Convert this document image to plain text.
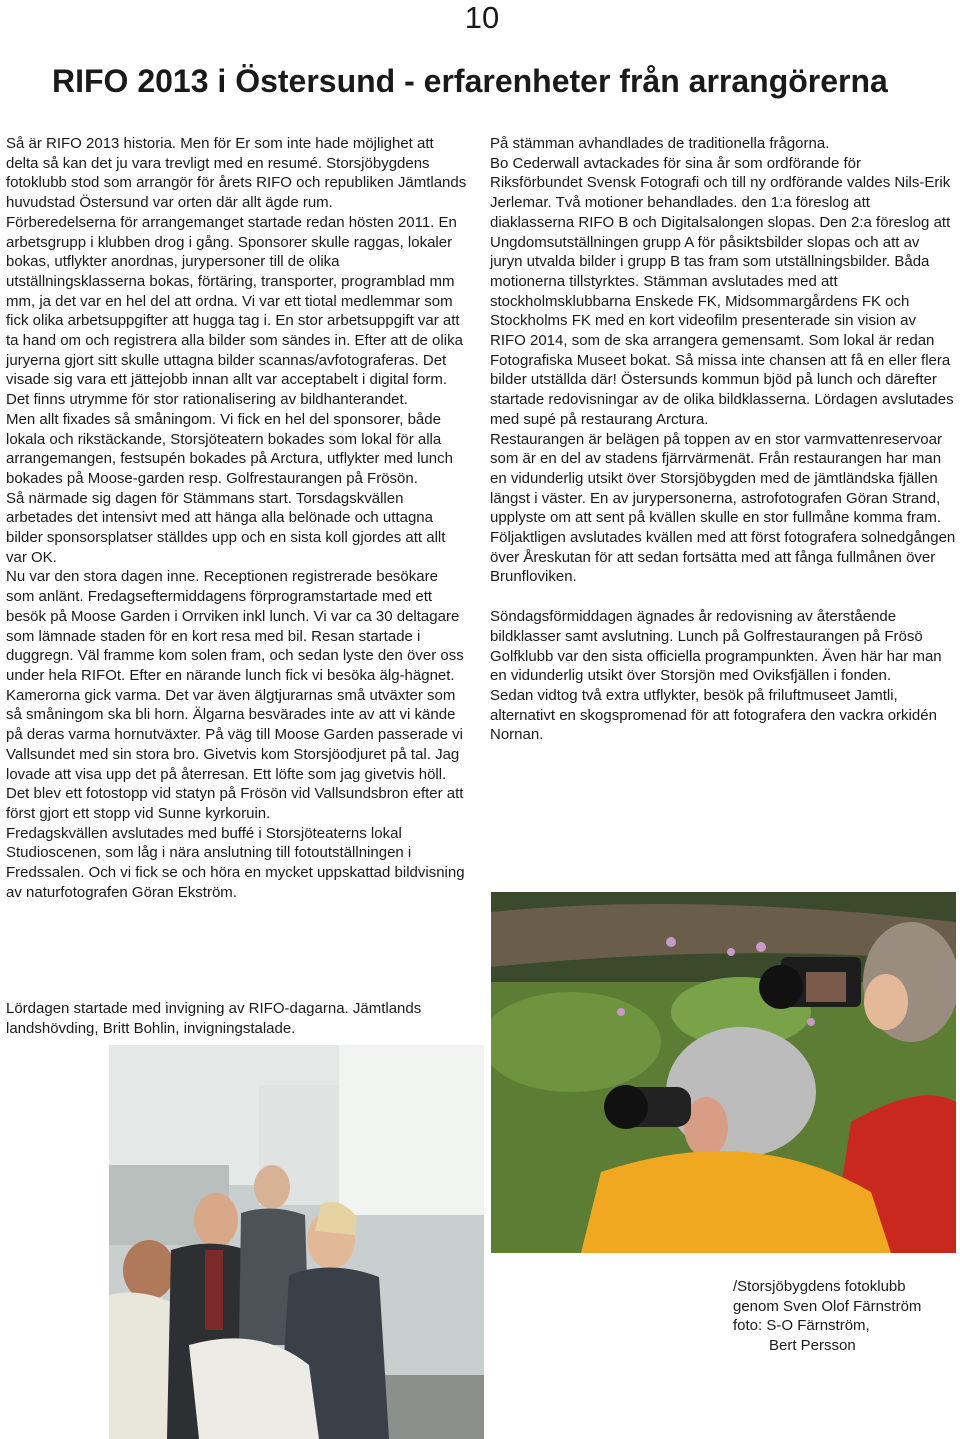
10
RIFO 2013 i Östersund - erfarenheter från arrangörerna

Så är RIFO 2013 historia. Men för Er som inte hade möjlighet att delta så kan det ju vara trevligt med en resumé. Storsjöbygdens fotoklubb stod som arrangör för årets RIFO och republiken Jämtlands huvudstad Östersund var orten där allt ägde rum.

Förberedelserna för arrangemanget startade redan hösten 2011. En arbetsgrupp i klubben drog i gång. Sponsorer skulle raggas, lokaler bokas, utflykter anordnas, jurypersoner till de olika utställningsklasserna bokas, förtäring, transporter, programblad mm mm, ja det var en hel del att ordna. Vi var ett tiotal medlemmar som fick olika arbetsuppgifter att hugga tag i. En stor arbetsuppgift var att ta hand om och registrera alla bilder som sändes in. Efter att de olika juryerna gjort sitt skulle uttagna bilder scannas/avfotograferas. Det visade sig vara ett jättejobb innan allt var acceptabelt i digital form. Det finns utrymme för stor rationalisering av bildhanterandet.

Men allt fixades så småningom. Vi fick en hel del sponsorer, både lokala och rikstäckande, Storsjöteatern bokades som lokal för alla arrangemangen, festsupén bokades på Arctura, utflykter med lunch bokades på Moose-garden resp. Golfrestaurangen på Frösön.

Så närmade sig dagen för Stämmans start. Torsdagskvällen arbetades det intensivt med att hänga alla belönade och uttagna bilder sponsorsplatser ställdes upp och en sista koll gjordes att allt var OK.

Nu var den stora dagen inne. Receptionen registrerade besökare som anlänt. Fredagseftermiddagens förprogramstartade med ett besök på Moose Garden i Orrviken inkl lunch. Vi var ca 30 deltagare som lämnade staden för en kort resa med bil. Resan startade i duggregn. Väl framme kom solen fram, och sedan lyste den över oss under hela RIFOt. Efter en närande lunch fick vi besöka älg-hägnet. Kamerorna gick varma. Det var även älgtjurarnas små utväxter som så småningom ska bli horn. Älgarna besvärades inte av att vi kände på deras varma hornutväxter. På väg till Moose Garden passerade vi Vallsundet med sin stora bro. Givetvis kom Storsjöodjuret på tal. Jag lovade att visa upp det på återresan. Ett löfte som jag givetvis höll. Det blev ett fotostopp vid statyn på Frösön vid Vallsundsbron efter att först gjort ett stopp vid Sunne kyrkoruin.

Fredagskvällen avslutades med buffé i Storsjöteaterns lokal Studioscenen, som låg i nära anslutning till fotoutställningen i Fredssalen. Och vi fick se och höra en mycket uppskattad bildvisning av naturfotografen Göran Ekström.

Lördagen startade med invigning av RIFO-dagarna. Jämtlands landshövding, Britt Bohlin, invigningstalade.

På stämman avhandlades de traditionella frågorna.

Bo Cederwall avtackades för sina år som ordförande för Riksförbundet Svensk Fotografi och till ny ordförande valdes Nils-Erik Jerlemar. Två motioner behandlades. den 1:a föreslog att diaklasserna RIFO B och Digitalsalongen slopas. Den 2:a föreslog att Ungdomsutställningen grupp A för påsiktsbilder slopas och att av juryn utvalda bilder i grupp B tas fram som utställningsbilder. Båda motionerna tillstyrktes. Stämman avslutades med att stockholmsklubbarna Enskede FK, Midsommargårdens FK och Stockholms FK med en kort videofilm presenterade sin vision av RIFO 2014, som de ska arrangera gemensamt. Som lokal är redan Fotografiska Museet bokat. Så missa inte chansen att få en eller flera bilder utställda där! Östersunds kommun bjöd på lunch och därefter startade redovisningar av de olika bildklasserna. Lördagen avslutades med supé på restaurang Arctura.

Restaurangen är belägen på toppen av en stor varmvattenreservoar som är en del av stadens fjärrvärmenät. Från restaurangen har man en vidunderlig utsikt över Storsjöbygden med de jämtländska fjällen längst i väster. En av jurypersonerna, astrofotografen Göran Strand, upplyste om att sent på kvällen skulle en stor fullmåne komma fram. Följaktligen avslutades kvällen med att först fotografera solnedgången över Åreskutan för att sedan fortsätta med att fånga fullmånen över Brunfloviken.

Söndagsförmiddagen ägnades år redovisning av återstående bildklasser samt avslutning. Lunch på Golfrestaurangen på Frösö Golfklubb var den sista officiella programpunkten. Även här har man en vidunderlig utsikt över Storsjön med Oviksfjällen i fonden.

Sedan vidtog två extra utflykter, besök på friluftmuseet Jamtli, alternativt en skogspromenad för att fotografera den vackra orkidén Nornan.

/Storsjöbygdens fotoklubb
genom Sven Olof Färnström
foto: S-O Färnström,
Bert Persson
